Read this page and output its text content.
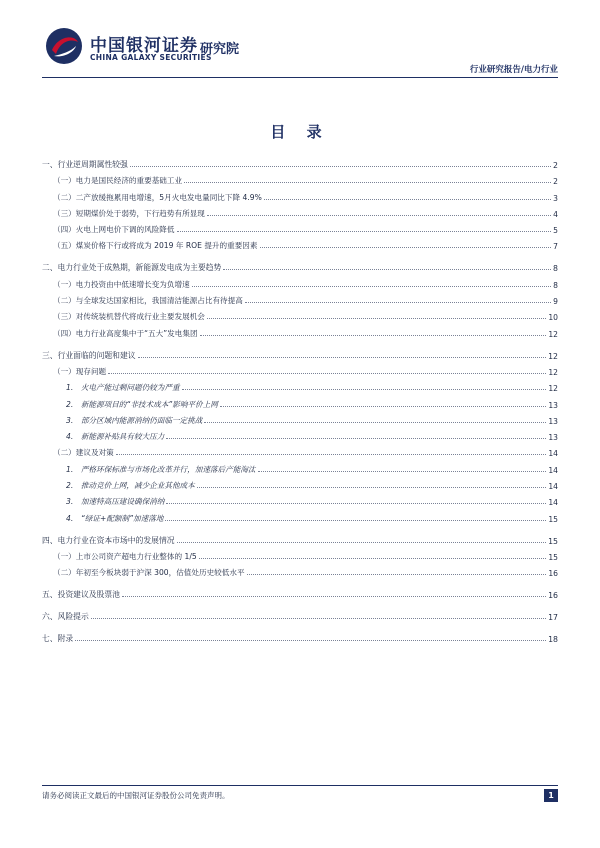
中国银河证券
CHINA GALAXY SECURITIES
研究院
行业研究报告/电力行业
目 录
一、行业逆周期属性较强	2
（一）电力是国民经济的重要基础工业	2
（二）二产放缓拖累用电增速，5月火电发电量同比下降 4.9%	3
（三）短期煤价处于弱势，下行趋势有所显现	4
（四）火电上网电价下调的风险降低	5
（五）煤炭价格下行或将成为 2019 年 ROE 提升的重要因素	7
二、电力行业处于成熟期，新能源发电成为主要趋势	8
（一）电力投资由中低速增长变为负增速	8
（二）与全球发达国家相比，我国清洁能源占比有待提高	9
（三）对传统装机替代将成行业主要发展机会	10
（四）电力行业高度集中于“五大”发电集团	12
三、行业面临的问题和建议	12
（一）现存问题	12
1.　火电产能过剩问题仍较为严重	12
2.　新能源项目的“非技术成本”影响平价上网	13
3.　部分区域内能源消纳仍面临一定挑战	13
4.　新能源补贴具有较大压力	13
（二）建议及对策	14
1.　严格环保标准与市场化改革并行，加速落后产能淘汰	14
2.　推动竞价上网，减少企业其他成本	14
3.　加速特高压建设确保消纳	14
4.　“绿证+配额制”加速落地	15
四、电力行业在资本市场中的发展情况	15
（一）上市公司资产超电力行业整体的 1/5	15
（二）年初至今板块弱于沪深 300，估值处历史较低水平	16
五、投资建议及股票池	16
六、风险提示	17
七、附录	18
请务必阅读正文最后的中国银河证券股份公司免责声明。	1
